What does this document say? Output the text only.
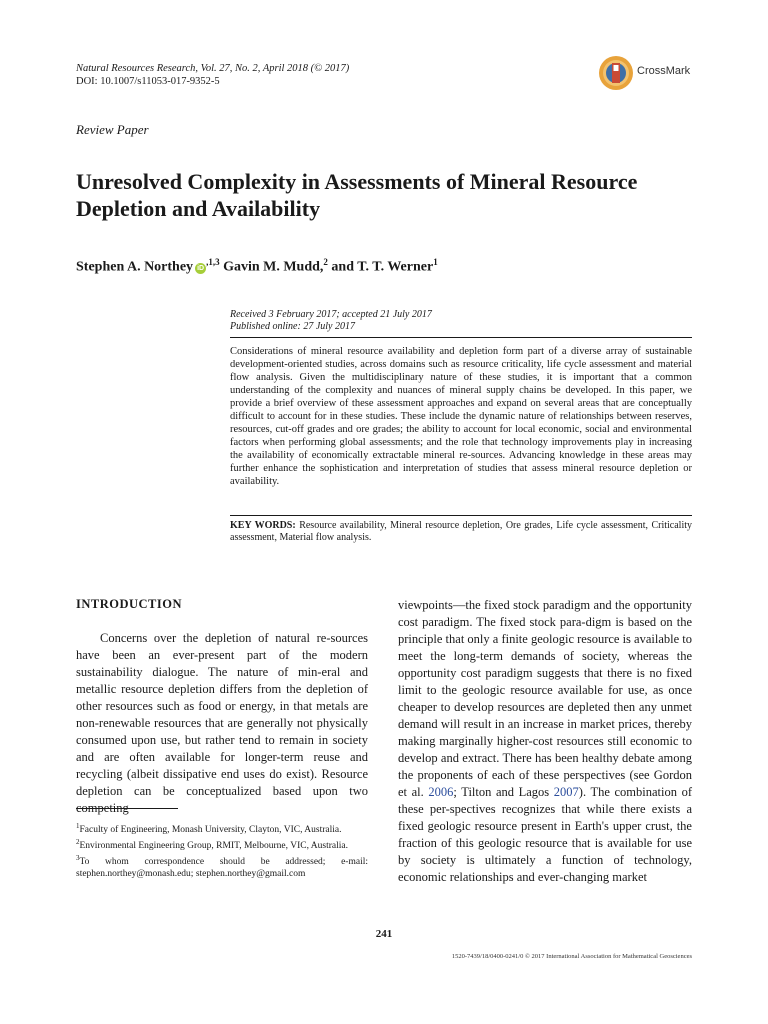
Natural Resources Research, Vol. 27, No. 2, April 2018 (© 2017)
DOI: 10.1007/s11053-017-9352-5
CrossMark
Review Paper
Unresolved Complexity in Assessments of Mineral Resource Depletion and Availability
Stephen A. Northey $iD^{,1,3}$ Gavin M. Mudd,$^2$ and T. T. Werner$^1$
Received 3 February 2017; accepted 21 July 2017
Published online: 27 July 2017
Considerations of mineral resource availability and depletion form part of a diverse array of sustainable development-oriented studies, across domains such as resource criticality, life cycle assessment and material flow analysis. Given the multidisciplinary nature of these studies, it is important that a common understanding of the complexity and nuances of mineral supply chains be developed. In this paper, we provide a brief overview of these assessment approaches and expand on several areas that are conceptually difficult to account for in these studies. These include the dynamic nature of relationships between reserves, resources, cut-off grades and ore grades; the ability to account for local economic, social and environmental factors when performing global assessments; and the role that technology improvements play in increasing the availability of economically extractable mineral re-sources. Advancing knowledge in these areas may further enhance the sophistication and interpretation of studies that assess mineral resource depletion or availability.
KEY WORDS: Resource availability, Mineral resource depletion, Ore grades, Life cycle assessment, Criticality assessment, Material flow analysis.
INTRODUCTION
Concerns over the depletion of natural re-sources have been an ever-present part of the modern sustainability dialogue. The nature of min-eral and metallic resource depletion differs from the depletion of other resources such as food or energy, in that metals are non-renewable resources that are generally not physically consumed upon use, but rather tend to remain in society and are often available for longer-term reuse and recycling (albeit dissipative end uses do exist). Resource depletion can be conceptualized based upon two competing
viewpoints—the fixed stock paradigm and the opportunity cost paradigm. The fixed stock para-digm is based on the principle that only a finite geologic resource is available to meet the long-term demands of society, whereas the opportunity cost paradigm suggests that there is no fixed limit to the geologic resource available for use, as once cheaper to develop resources are depleted then any unmet demand will result in an increase in market prices, thereby making marginally higher-cost resources still economic to develop and extract. There has been healthy debate among the proponents of each of these perspectives (see Gordon et al. 2006; Tilton and Lagos 2007). The combination of these per-spectives recognizes that while there exists a fixed geologic resource present in Earth's upper crust, the fraction of this geologic resource that is available for use by society is ultimately a function of technology, economic relationships and ever-changing market

$^1$Faculty of Engineering, Monash University, Clayton, VIC, Australia.

$^2$Environmental Engineering Group, RMIT, Melbourne, VIC, Australia.

$^3$To whom correspondence should be addressed; e-mail: stephen.northey@monash.edu; stephen.northey@gmail.com

241
1520-7439/18/0400-0241/0 © 2017 International Association for Mathematical Geosciences
